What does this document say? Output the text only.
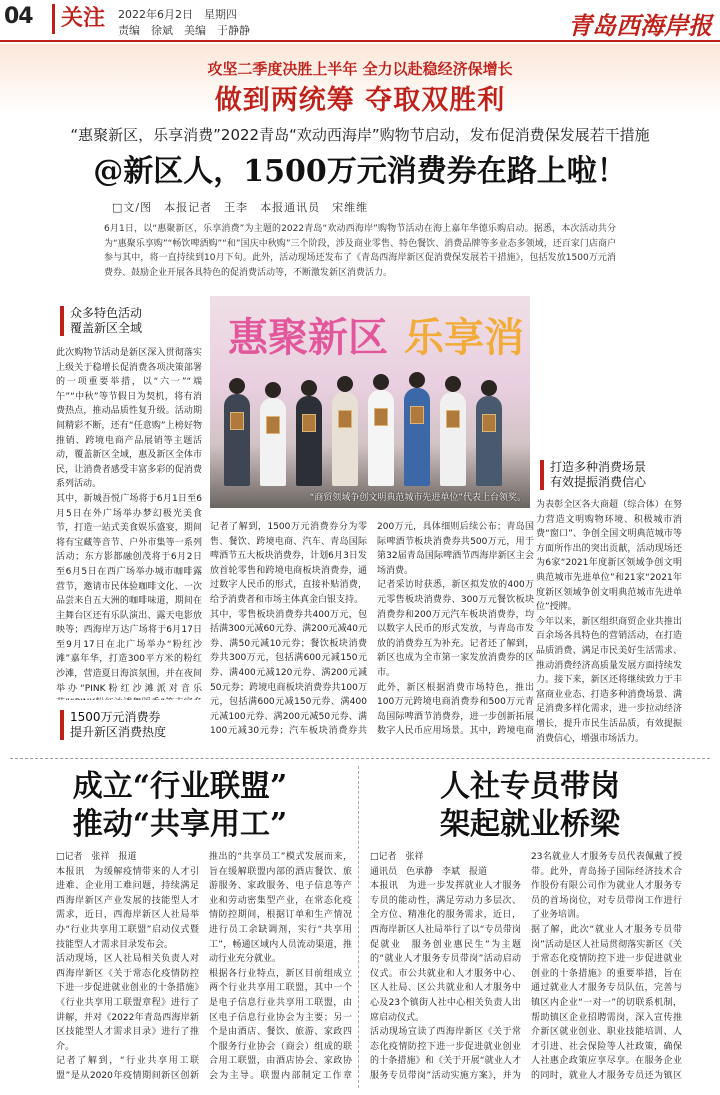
04	关注 2022年6月2日　星期四
责编　徐斌　美编　于静静	青岛西海岸报
攻坚二季度决胜上半年 全力以赴稳经济保增长
做到两统筹 夺取双胜利
“惠聚新区，乐享消费”2022青岛“欢动西海岸”购物节启动，发布促消费保发展若干措施
@新区人，1500万元消费券在路上啦！
□文/图　本报记者　王李　本报通讯员　宋维维
6月1日，以“惠聚新区，乐享消费”为主题的2022青岛“欢动西海岸”购物节活动在海上嘉年华德乐购启动。据悉，本次活动共分为“惠聚乐享购”“畅饮啤酒购”“和”国庆中秋购”三个阶段，涉及商业零售、特色餐饮、消费品牌等多业态多领域，还百家门店商户参与其中，将一直持续到10月下旬。此外，活动现场还发布了《青岛西海岸新区促消费保发展若干措施》，包括发放1500万元消费券、鼓励企业开展各具特色的促消费活动等，不断激发新区消费活力。
惠聚新区 乐享消
“商贸领域争创文明典范城市先进单位”代表上台领奖。
众多特色活动
覆盖新区全域
此次购物节活动是新区深入贯彻落实上级关于稳增长促消费各项决策部署的一项重要举措，以“六一”“端午”“中秋”等节假日为契机，将有消费热点，推动品质性复升级。活动期间精彩不断，还有“任意购”上榜好物推销、跨境电商产品展销等主题活动，覆盖新区全域，惠及新区全体市民，让消费者感受丰富多彩的促消费系列活动。
其中，新城吾悦广场将于6月1日至6月5日在外广场举办梦幻极光美食节，打造一站式美食娱乐盛宴，期间将有宝藏等音节、户外市集等一系列活动；东方影都融创茂将于6月2日至6月5日在西广场举办城市咖啡露营节，邀请市民体验咖啡文化、一次品尝来自五大洲的咖啡味道，期间在主舞台区还有乐队演出、露天电影放映等；西海岸万达广场将于6月17日至9月17日在北广场举办“粉红沙滩”嘉年华，打造300平方米的粉红沙滩，营造夏日海滨氛围，并在夜间举办“PINK粉红沙滩派对音乐
1500万元消费券
提升新区消费热度
记者了解到，1500万元消费券分为零售、餐饮、跨境电商、汽车、青岛国际啤酒节五大板块消费券，计划6月3日发放首轮零售和跨境电商板块消费券，通过数字人民币的形式，直接补贴消费，给予消费者和市场主体真金白银支持。
其中，零售板块消费券共400万元，包括满300元减60元券、满200元减40元券、满50元减10元券；餐饮板块消费券共300万元，包括满600元减150元券、满400元减120元券、满200元减50元券；跨境电商板块消费券共100万元，包括满600元减150元券、满400元减100元券、满200元减50元券、满100元减30元券；汽车板块消费券共200万元，具体细则后续公布；青岛国际啤酒节板块消费券共500万元，用于第32届青岛国际啤酒节西海岸新区主会场消费。
记者采访时获悉，新区拟发放的400万元零售板块消费券、300万元餐饮板块消费券和200万元汽车板块消费券，均以数字人民币的形式发放，与青岛市发放的消费券互为补充。记者还了解到，新区也成为全市第一家发放消费券的区市。
此外，新区根据消费市场特色，推出100万元跨境电商消费券和500万元青岛国际啤酒节消费券，进一步创新拓展数字人民币应用场景。其中，跨境电商

打造多种消费场景
有效提振消费信心
为表彰全区各大商超（综合体）在努力营造文明购物环境、积极城市消费“窗口”、争创全国文明典范城市等方面所作出的突出贡献，活动现场还为6家“2021年度新区领域争创文明典范城市先进单位”和21家“2021年度新区领域争创文明典范城市先进单位”授牌。
今年以来，新区组织商贸企业共推出百余场各具特色的营销活动，在打造品质消费、满足市民美好生活需求、推动消费经济高质量发展方面持续发力。接下来，新区还将继续致力于丰富商业业态、打造多种消费场景、满足消费多样化需求，进一步拉动经济增长，提升市民生活品质，有效提振消费信心，增强市场活力。
成立“行业联盟”
推动“共享用工”
□记者　张祥　报道
本报讯　为缓解疫情带来的人才引进难、企业用工难问题，持续满足西海岸新区产业发展的技能型人才需求，近日，西海岸新区人社局举办“行业共享用工联盟”启动仪式暨技能型人才需求目录发布会。
活动现场，区人社局相关负责人对西海岸新区《关于常态化疫情防控下进一步促进就业创业的十条措施》《行业共享用工联盟章程》进行了讲解，并对《2022年青岛西海岸新区技能型人才需求目录》进行了推介。
记者了解到，“行业共享用工联盟”是从2020年疫情期间新区创新推出的“共享员工”模式发展而来，旨在缓解联盟内部的酒店餐饮、旅游服务、家政服务、电子信息等产业和劳动密集型产业，在常态化疫情防控期间，根据订单和生产情况进行员工余缺调剂，实行“共享用工”，畅通区域内人员流动渠道，推动行业充分就业。
根据各行业特点，新区目前组成立两个行业共享用工联盟，其中一个是电子信息行业共享用工联盟，由区电子信息行业协会为主要；另一个是由酒店、餐饮、旅游、家政四个服务行业协会（商会）组成的联合用工联盟，由酒店协会、家政协会为主导。联盟内部制定工作章

人社专员带岗
架起就业桥梁
□记者　张祥
通讯员　色承静　李斌　报道
本报讯　为进一步发挥就业人才服务专员的能动性，满足劳动力多层次、全方位、精准化的服务需求，近日，西海岸新区人社局举行了以“专员带岗促就业　服务创业惠民生”为主题的“就业人才服务专员带岗”活动启动仪式。市公共就业和人才服务中心、区人社局、区公共就业和人才服务中心及23个镇街人社中心相关负责人出席启动仪式。
活动现场宣读了西海岸新区《关于常态化疫情防控下进一步促进就业创业的十条措施》和《关于开展“就业人才服务专员带岗”活动实施方案》，并为23名就业人才服务专员代表佩戴了授带。此外，青岛扬子国际经济技术合作股份有限公司作为就业人才服务专员的首场岗位，对专员带岗工作进行了业务培训。
据了解，此次“就业人才服务专员带岗”活动是区人社局贯彻落实新区《关于常态化疫情防控下进一步促进就业创业的十条措施》的重要举措，旨在通过就业人才服务专员队伍，完善与镇区内企业“一对一”的切联系机制，帮助镇区企业招聘需岗，深入宣传推介新区就业创业、职业技能培训、人才引进、社会保险等人社政策，确保人社惠企政策应享尽享。在服务企业的同时，就业人才服务专员还为镇区
